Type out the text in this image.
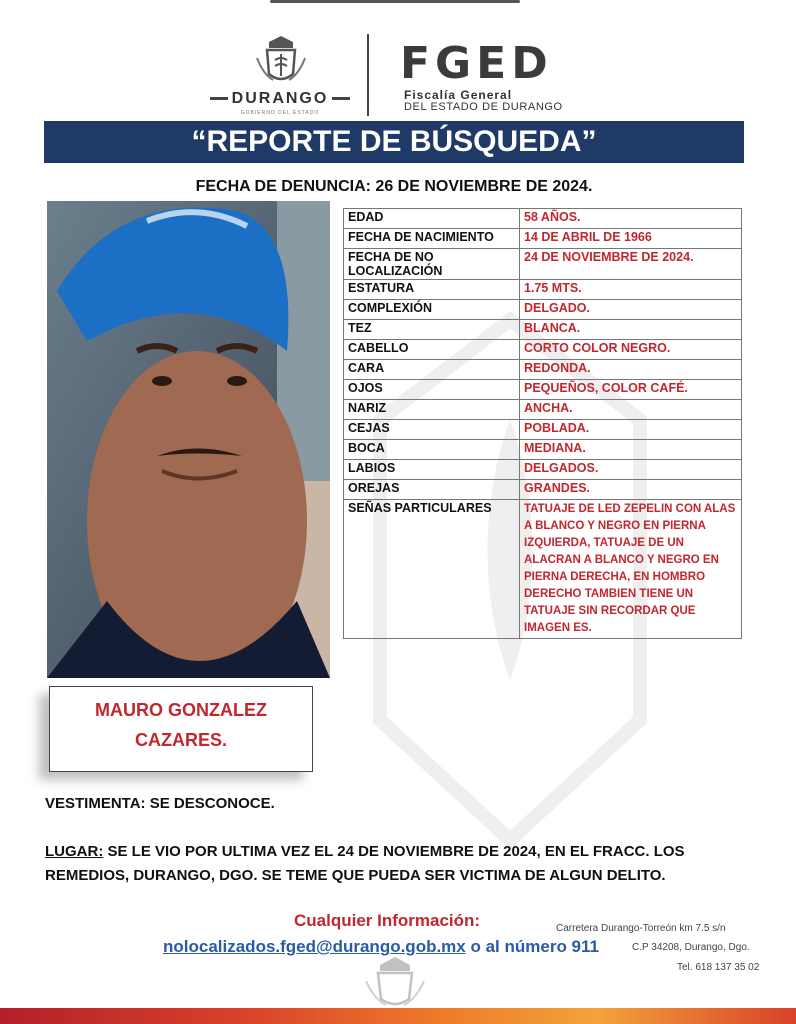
DURANGO
GOBIERNO DEL ESTADO
FGED
Fiscalía General
DEL ESTADO DE DURANGO
“REPORTE DE BÚSQUEDA”
FECHA DE DENUNCIA: 26 DE NOVIEMBRE DE 2024.
EDAD	58 AÑOS.
FECHA DE NACIMIENTO	14 DE ABRIL DE 1966
FECHA DE NO LOCALIZACIÓN	24 DE NOVIEMBRE DE 2024.
ESTATURA	1.75 MTS.
COMPLEXIÓN	DELGADO.
TEZ	BLANCA.
CABELLO	CORTO COLOR NEGRO.
CARA	REDONDA.
OJOS	PEQUEÑOS, COLOR CAFÉ.
NARIZ	ANCHA.
CEJAS	POBLADA.
BOCA	MEDIANA.
LABIOS	DELGADOS.
OREJAS	GRANDES.
SEÑAS PARTICULARES	TATUAJE DE LED ZEPELIN CON ALAS A BLANCO Y NEGRO EN PIERNA IZQUIERDA, TATUAJE DE UN ALACRAN A BLANCO Y NEGRO EN PIERNA DERECHA, EN HOMBRO DERECHO TAMBIEN TIENE UN TATUAJE SIN RECORDAR QUE IMAGEN ES.
MAURO GONZALEZ
CAZARES.
VESTIMENTA: SE DESCONOCE.
LUGAR: SE LE VIO POR ULTIMA VEZ EL 24 DE NOVIEMBRE DE 2024, EN EL FRACC. LOS REMEDIOS, DURANGO, DGO. SE TEME QUE PUEDA SER VICTIMA DE ALGUN DELITO.
Cualquier Información:
nolocalizados.fged@durango.gob.mx o al número 911
Carretera Durango-Torreón km 7.5 s/n
C.P 34208, Durango, Dgo.
Tel. 618 137 35 02
